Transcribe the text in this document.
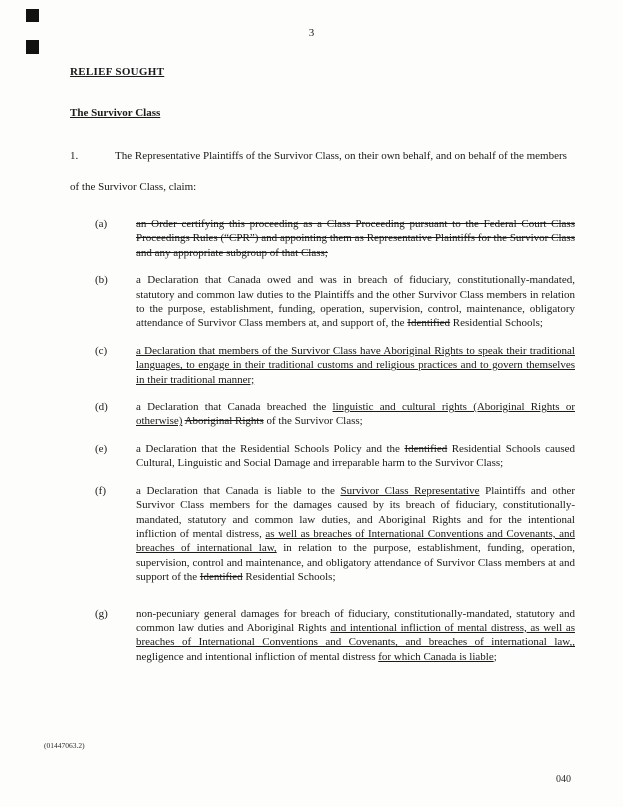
3
RELIEF SOUGHT
The Survivor Class

1.	The Representative Plaintiffs of the Survivor Class, on their own behalf, and on behalf of the members of the Survivor Class, claim:

(a)	an Order certifying this proceeding as a Class Proceeding pursuant to the Federal Court Class Proceedings Rules (“CPR”) and appointing them as Representative Plaintiffs for the Survivor Class and any appropriate subgroup of that Class;
(b)	a Declaration that Canada owed and was in breach of fiduciary, constitutionally-mandated, statutory and common law duties to the Plaintiffs and the other Survivor Class members in relation to the purpose, establishment, funding, operation, supervision, control, maintenance, obligatory attendance of Survivor Class members at, and support of, the Identified Residential Schools;
(c)	a Declaration that members of the Survivor Class have Aboriginal Rights to speak their traditional languages, to engage in their traditional customs and religious practices and to govern themselves in their traditional manner;
(d)	a Declaration that Canada breached the linguistic and cultural rights (Aboriginal Rights or otherwise) Aboriginal Rights of the Survivor Class;
(e)	a Declaration that the Residential Schools Policy and the Identified Residential Schools caused Cultural, Linguistic and Social Damage and irreparable harm to the Survivor Class;
(f)	a Declaration that Canada is liable to the Survivor Class Representative Plaintiffs and other Survivor Class members for the damages caused by its breach of fiduciary, constitutionally-mandated, statutory and common law duties, and Aboriginal Rights and for the intentional infliction of mental distress, as well as breaches of International Conventions and Covenants, and breaches of international law, in relation to the purpose, establishment, funding, operation, supervision, control and maintenance, and obligatory attendance of Survivor Class members at and support of the Identified Residential Schools;
(g)	non-pecuniary general damages for breach of fiduciary, constitutionally-mandated, statutory and common law duties and Aboriginal Rights and intentional infliction of mental distress, as well as breaches of International Conventions and Covenants, and breaches of international law,, negligence and intentional infliction of mental distress for which Canada is liable;
(01447063.2)
040
